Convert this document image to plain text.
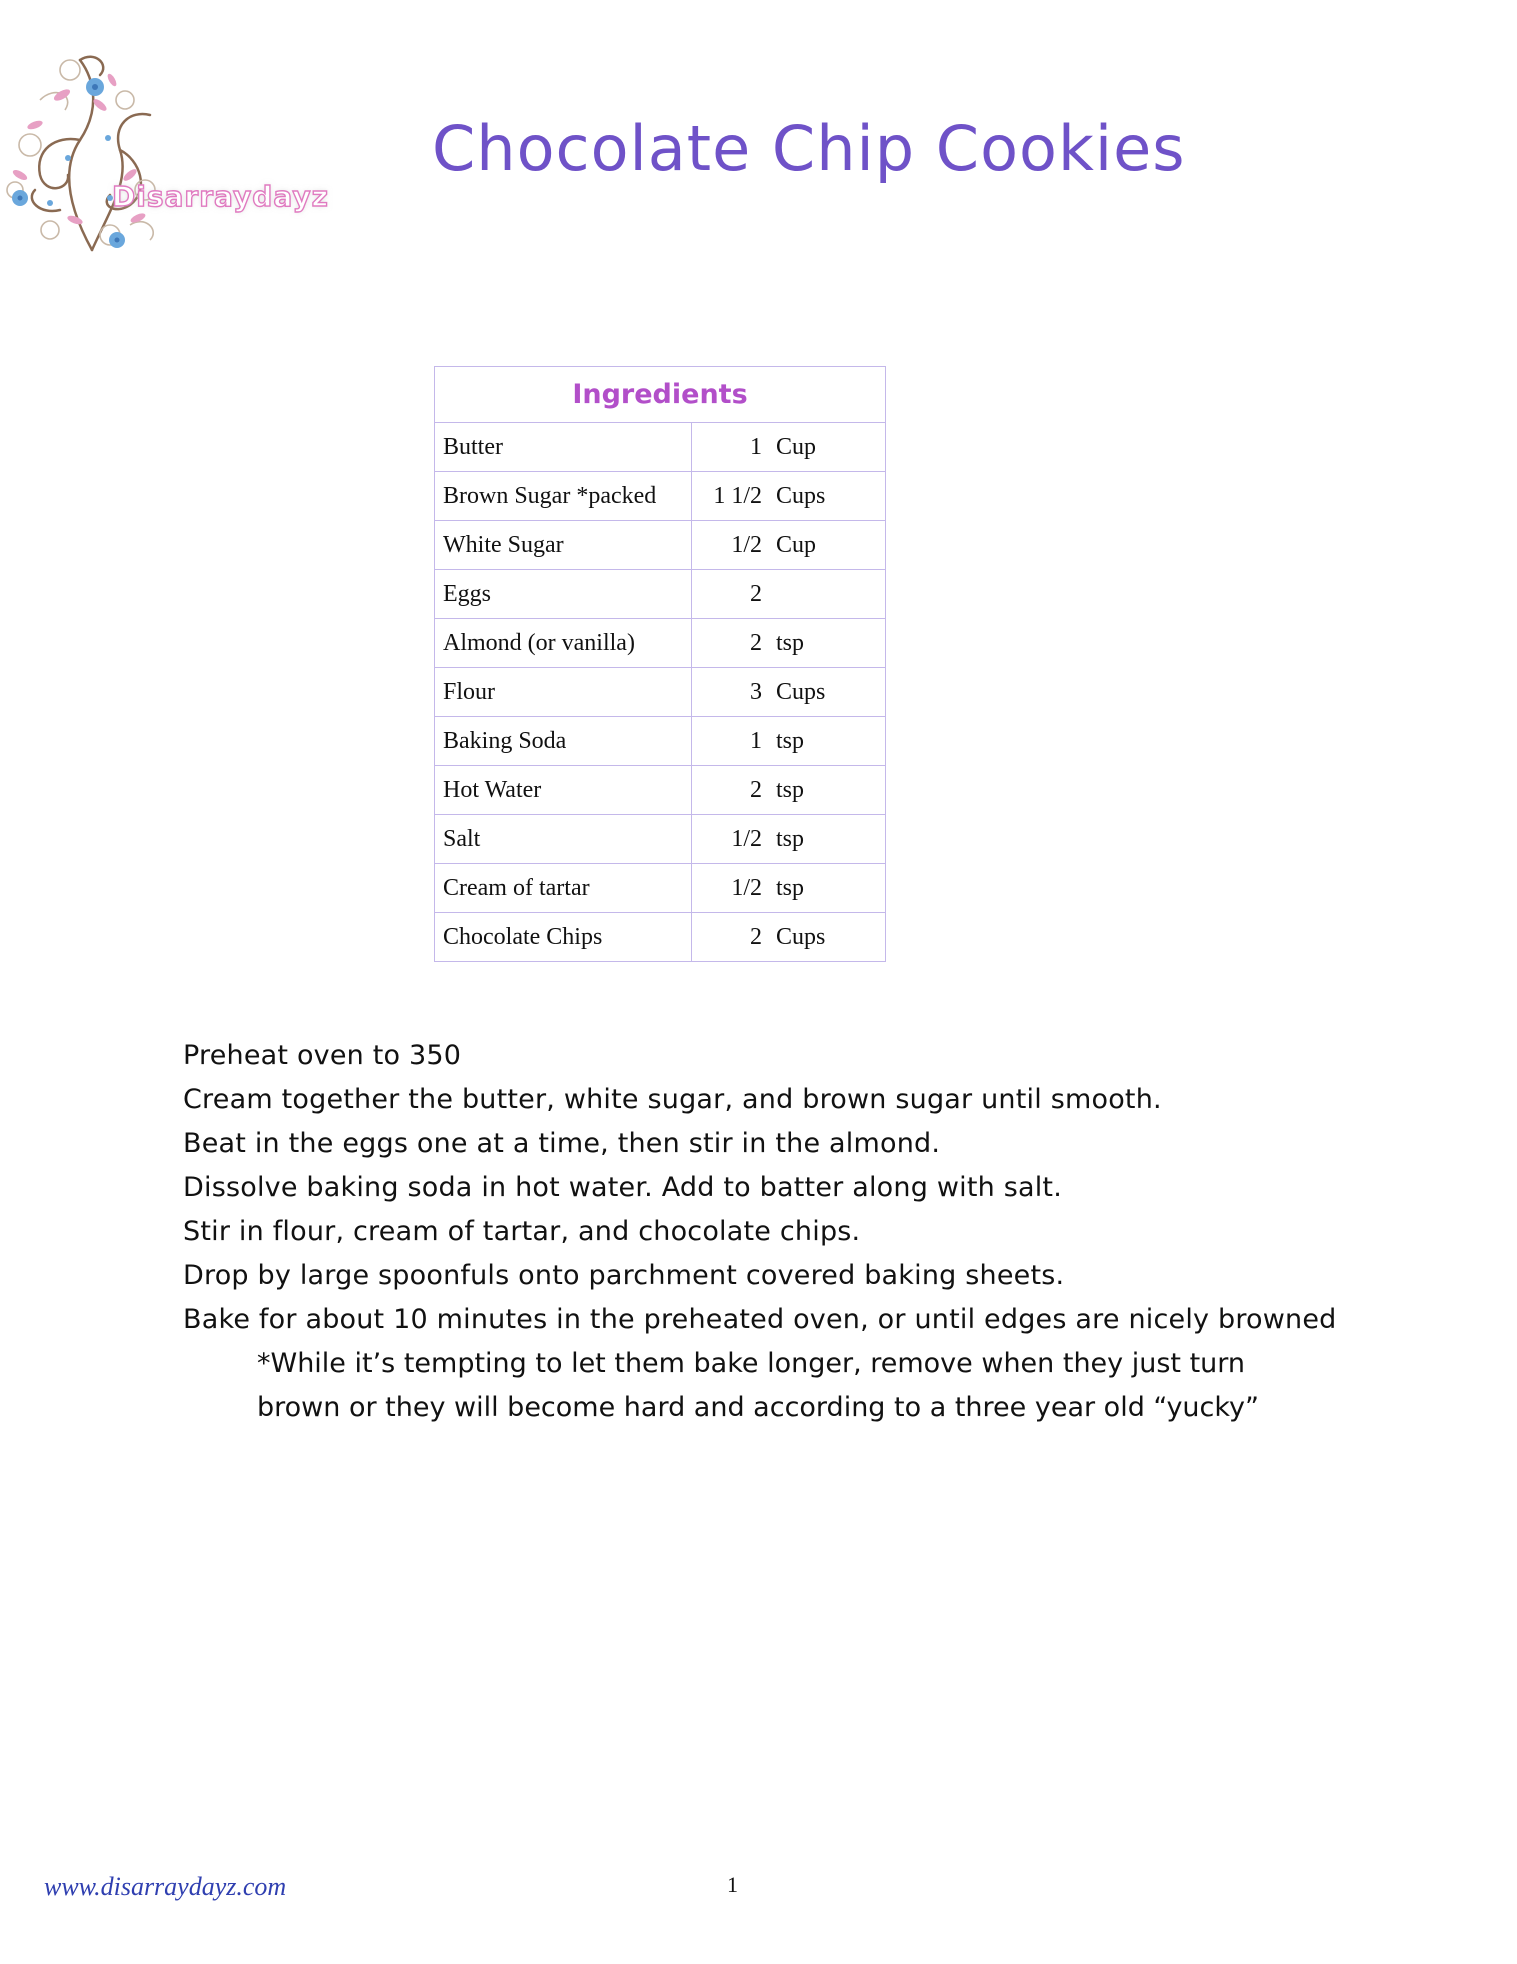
Disarraydayz
Chocolate Chip Cookies
Ingredients	
Butter	1 Cup
Brown Sugar *packed	1 1/2 Cups
White Sugar	1/2 Cup
Eggs	2
Almond (or vanilla)	2 tsp
Flour	3 Cups
Baking Soda	1 tsp
Hot Water	2 tsp
Salt	1/2 tsp
Cream of tartar	1/2 tsp
Chocolate Chips	2 Cups
Preheat oven to 350
Cream together the butter, white sugar, and brown sugar until smooth.
Beat in the eggs one at a time, then stir in the almond.
Dissolve baking soda in hot water. Add to batter along with salt.
Stir in flour, cream of tartar, and chocolate chips.
Drop by large spoonfuls onto parchment covered baking sheets.
Bake for about 10 minutes in the preheated oven, or until edges are nicely browned
*While it’s tempting to let them bake longer, remove when they just turn
brown or they will become hard and according to a three year old “yucky”
www.disarraydayz.com	1
